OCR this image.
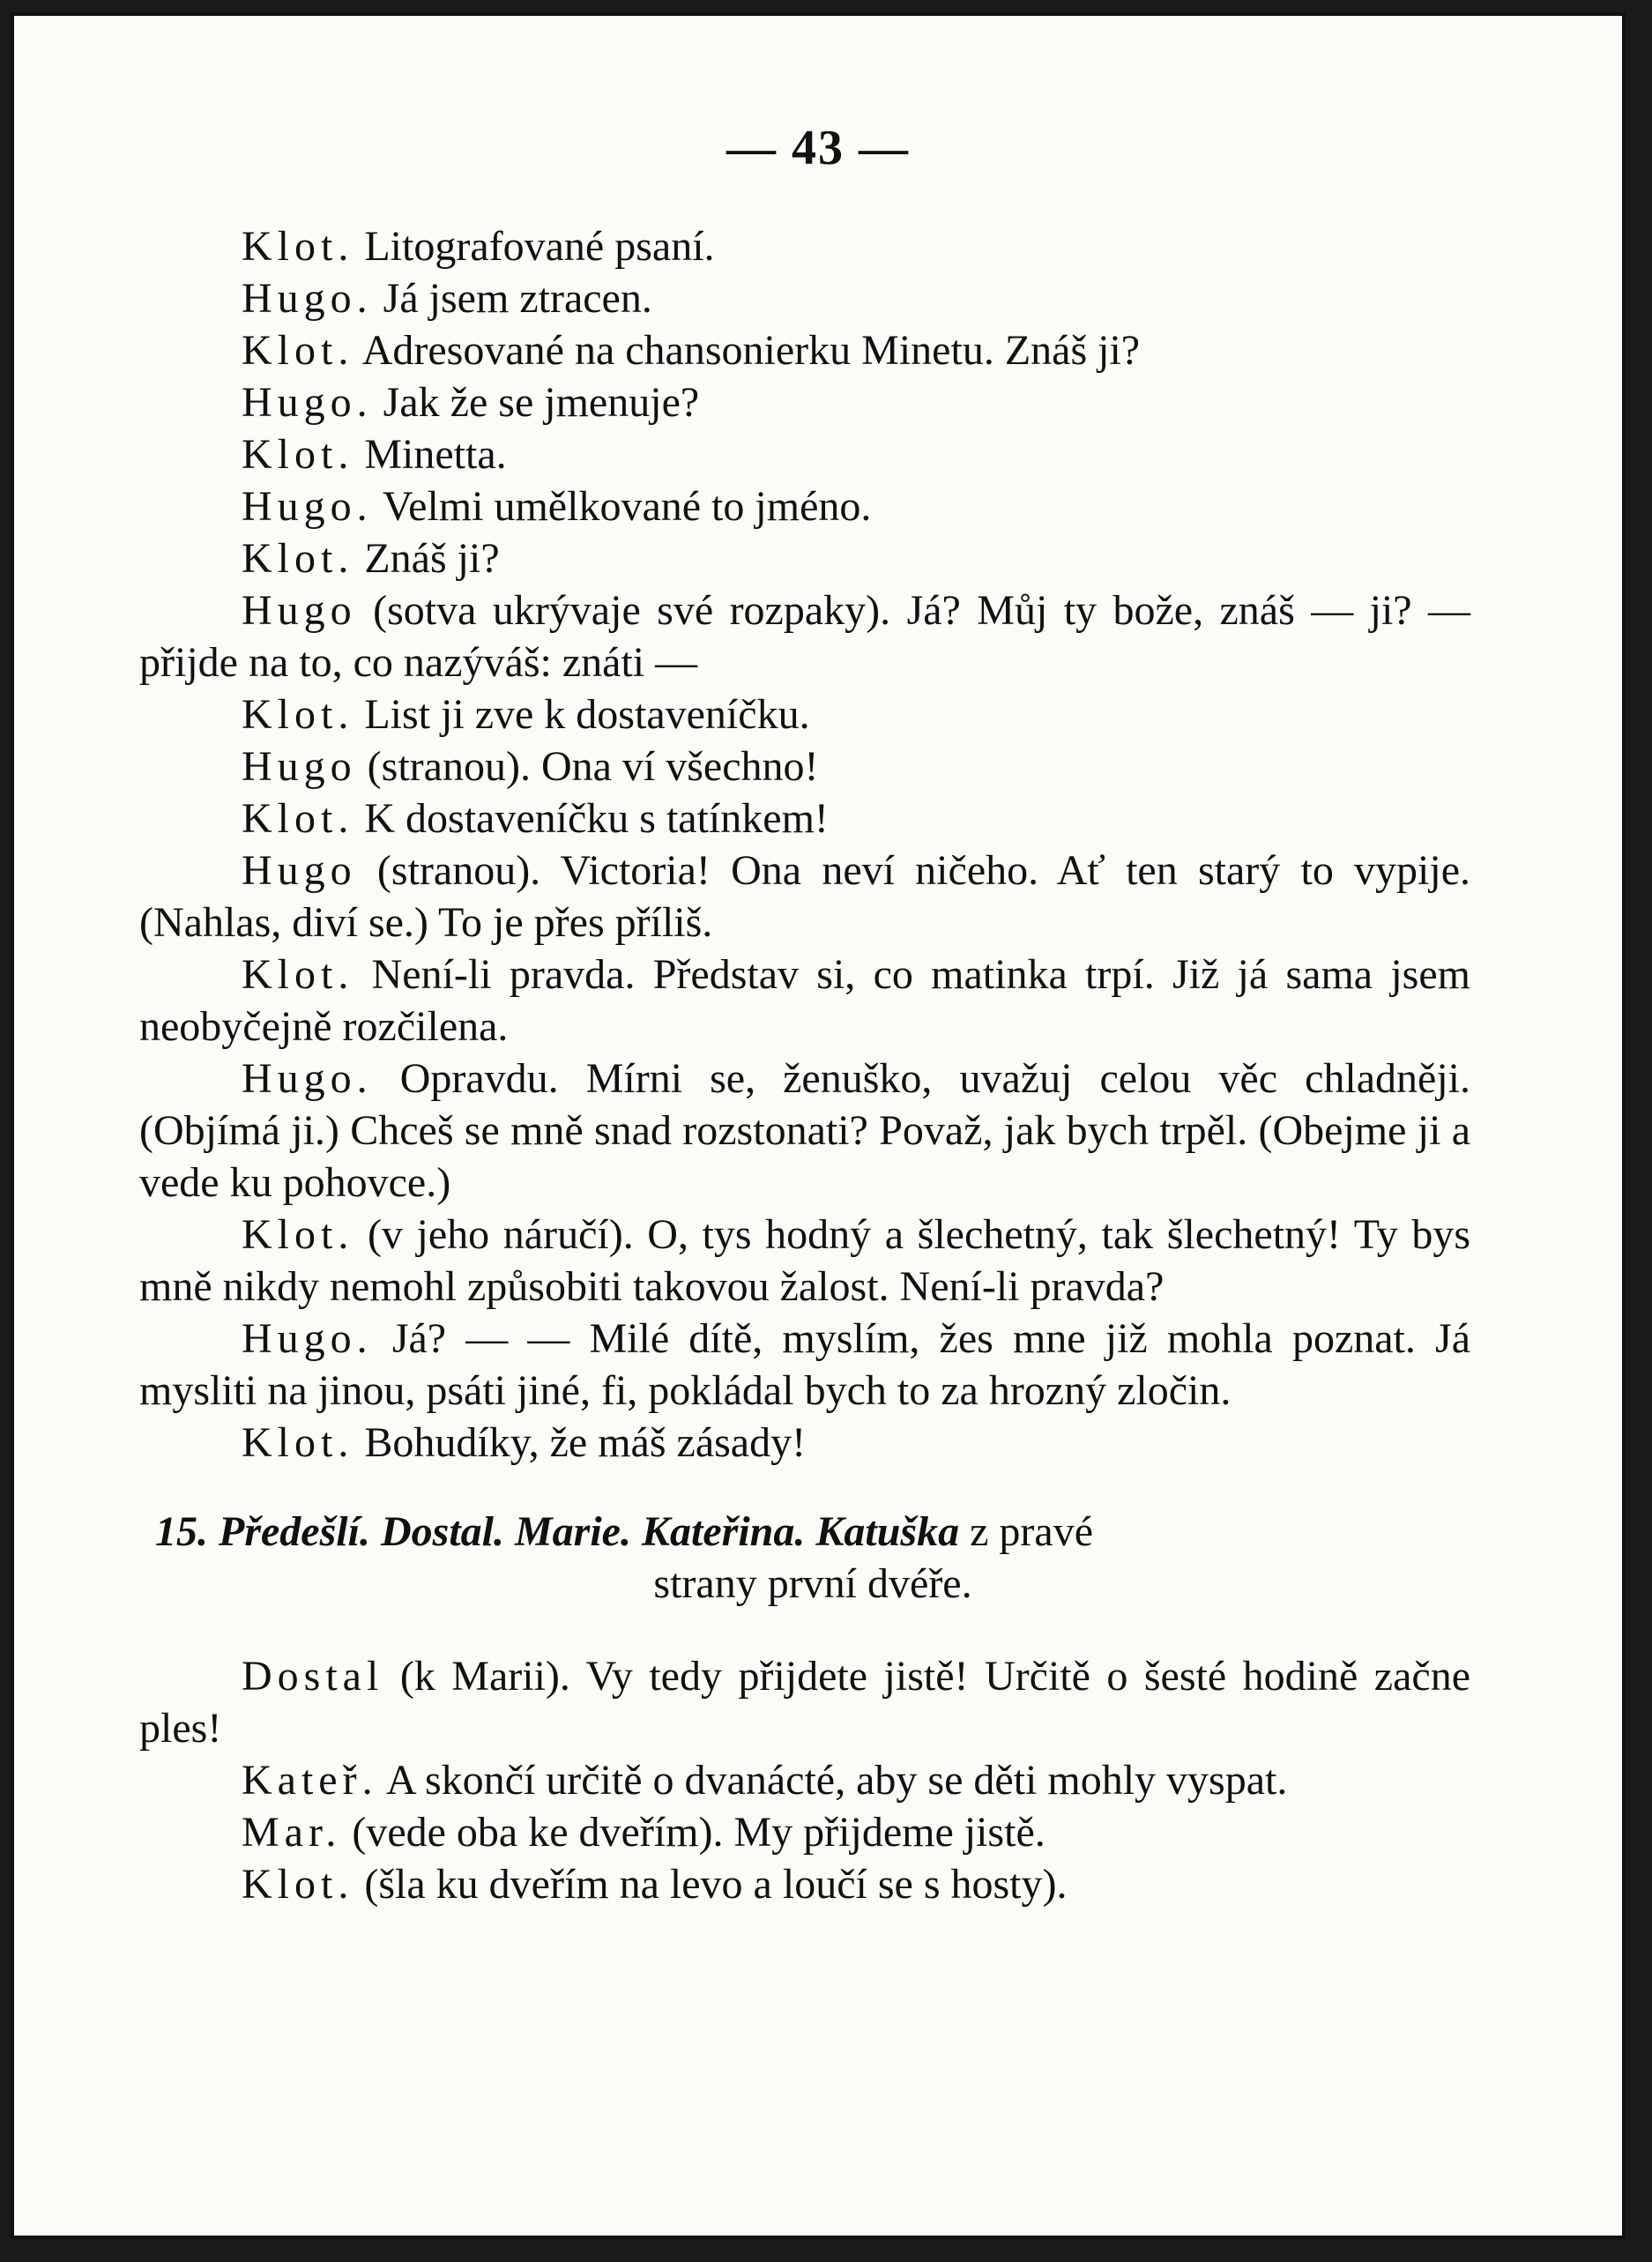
— 43 —

Klot. Litografované psaní.

Hugo. Já jsem ztracen.

Klot. Adresované na chansonierku Minetu. Znáš ji?

Hugo. Jak že se jmenuje?

Klot. Minetta.

Hugo. Velmi umělkované to jméno.

Klot. Znáš ji?

Hugo (sotva ukrývaje své rozpaky). Já? Můj ty bože, znáš — ji? — přijde na to, co nazýváš: znáti —

Klot. List ji zve k dostaveníčku.

Hugo (stranou). Ona ví všechno!

Klot. K dostaveníčku s tatínkem!

Hugo (stranou). Victoria! Ona neví ničeho. Ať ten starý to vypije. (Nahlas, diví se.) To je přes příliš.

Klot. Není-li pravda. Představ si, co matinka trpí. Již já sama jsem neobyčejně rozčilena.

Hugo. Opravdu. Mírni se, ženuško, uvažuj celou věc chladněji. (Objímá ji.) Chceš se mně snad rozstonati? Považ, jak bych trpěl. (Obejme ji a vede ku pohovce.)

Klot. (v jeho náručí). O, tys hodný a šlechetný, tak šlechetný! Ty bys mně nikdy nemohl způsobiti takovou žalost. Není-li pravda?

Hugo. Já? — — Milé dítě, myslím, žes mne již mohla poznat. Já mysliti na jinou, psáti jiné, fi, pokládal bych to za hrozný zločin.

Klot. Bohudíky, že máš zásady!

15. Předešlí. Dostal. Marie. Kateřina. Katuška z pravé
strany první dvéře.

Dostal (k Marii). Vy tedy přijdete jistě! Určitě o šesté hodině začne ples!

Kateř. A skončí určitě o dvanácté, aby se děti mohly vyspat.

Mar. (vede oba ke dveřím). My přijdeme jistě.

Klot. (šla ku dveřím na levo a loučí se s hosty).
